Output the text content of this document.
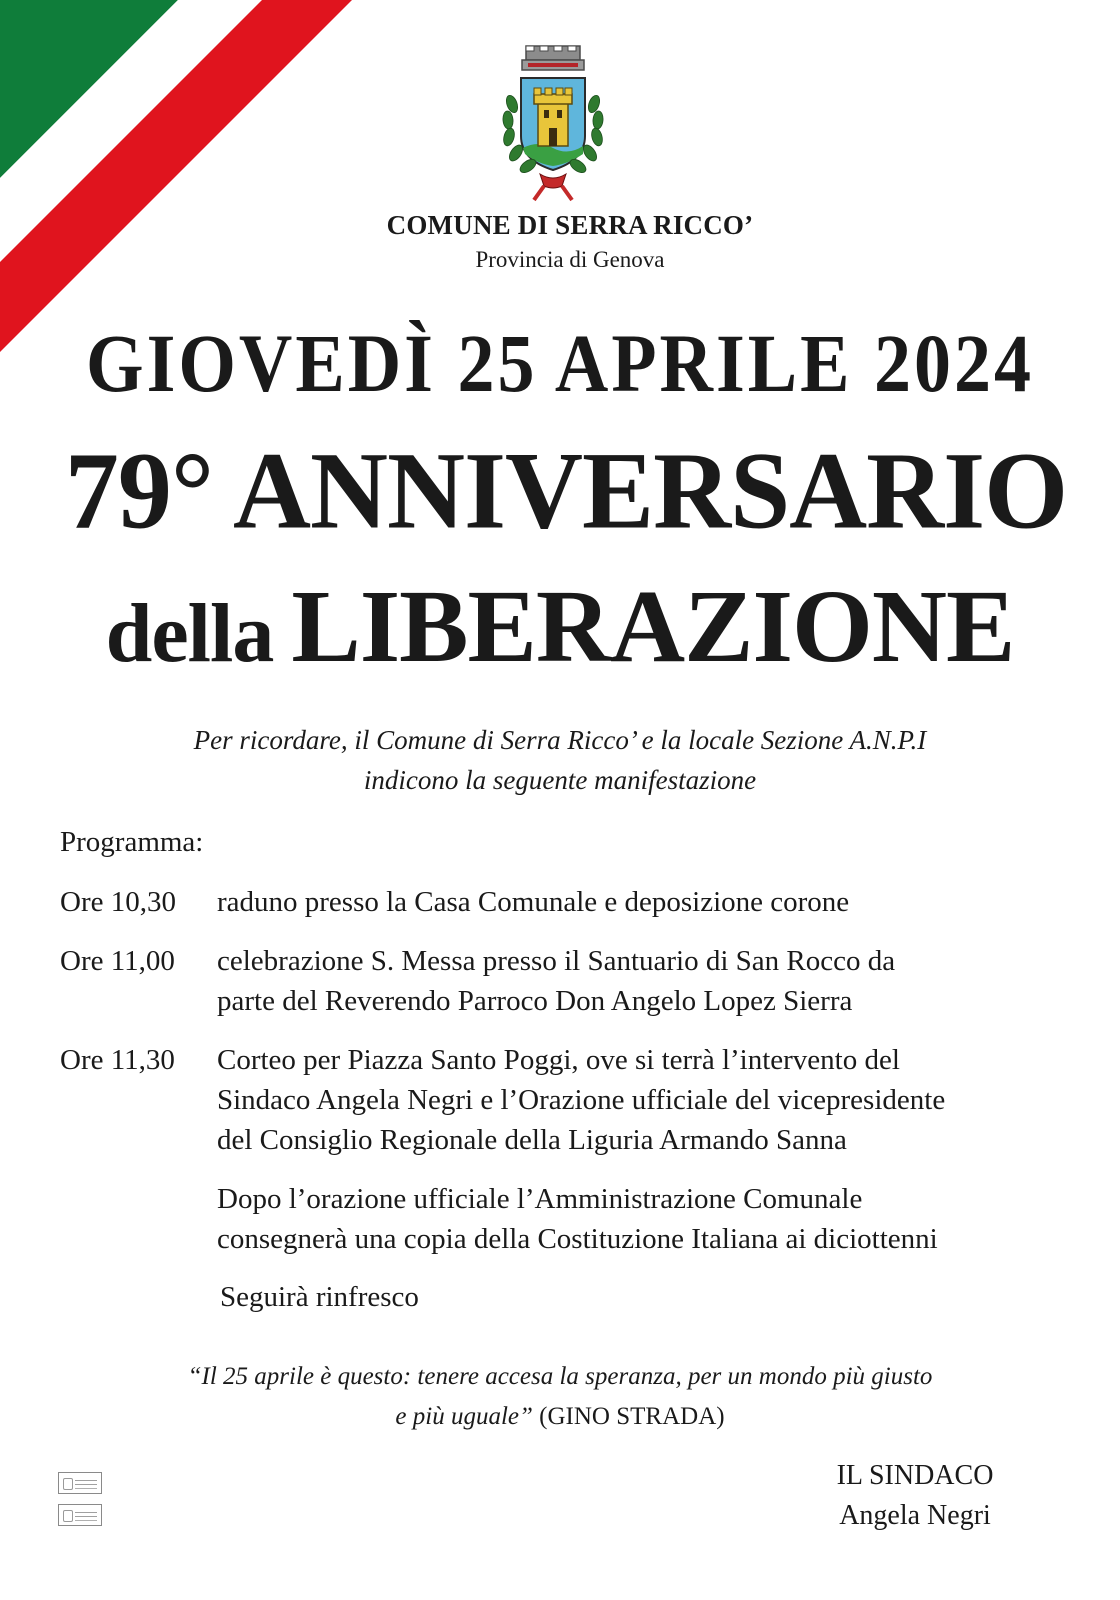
COMUNE DI SERRA RICCO’
Provincia di Genova
GIOVEDÌ 25 APRILE 2024
79° ANNIVERSARIO
della LIBERAZIONE
Per ricordare, il Comune di Serra Ricco’ e la locale Sezione A.N.P.I
indicono la seguente manifestazione
Programma:
Ore 10,30	raduno presso la Casa Comunale e deposizione corone
Ore 11,00	celebrazione S. Messa presso il Santuario di San Rocco da
parte del Reverendo Parroco Don Angelo Lopez Sierra
Ore 11,30	Corteo per Piazza Santo Poggi, ove si terrà l’intervento del
Sindaco Angela Negri e l’Orazione ufficiale del vicepresidente
del Consiglio Regionale della Liguria Armando Sanna
Dopo l’orazione ufficiale l’Amministrazione Comunale
consegnerà una copia della Costituzione Italiana ai diciottenni
Seguirà rinfresco
“Il 25 aprile è questo: tenere accesa la speranza, per un mondo più giusto
e più uguale” (GINO STRADA)
IL SINDACO
Angela Negri
